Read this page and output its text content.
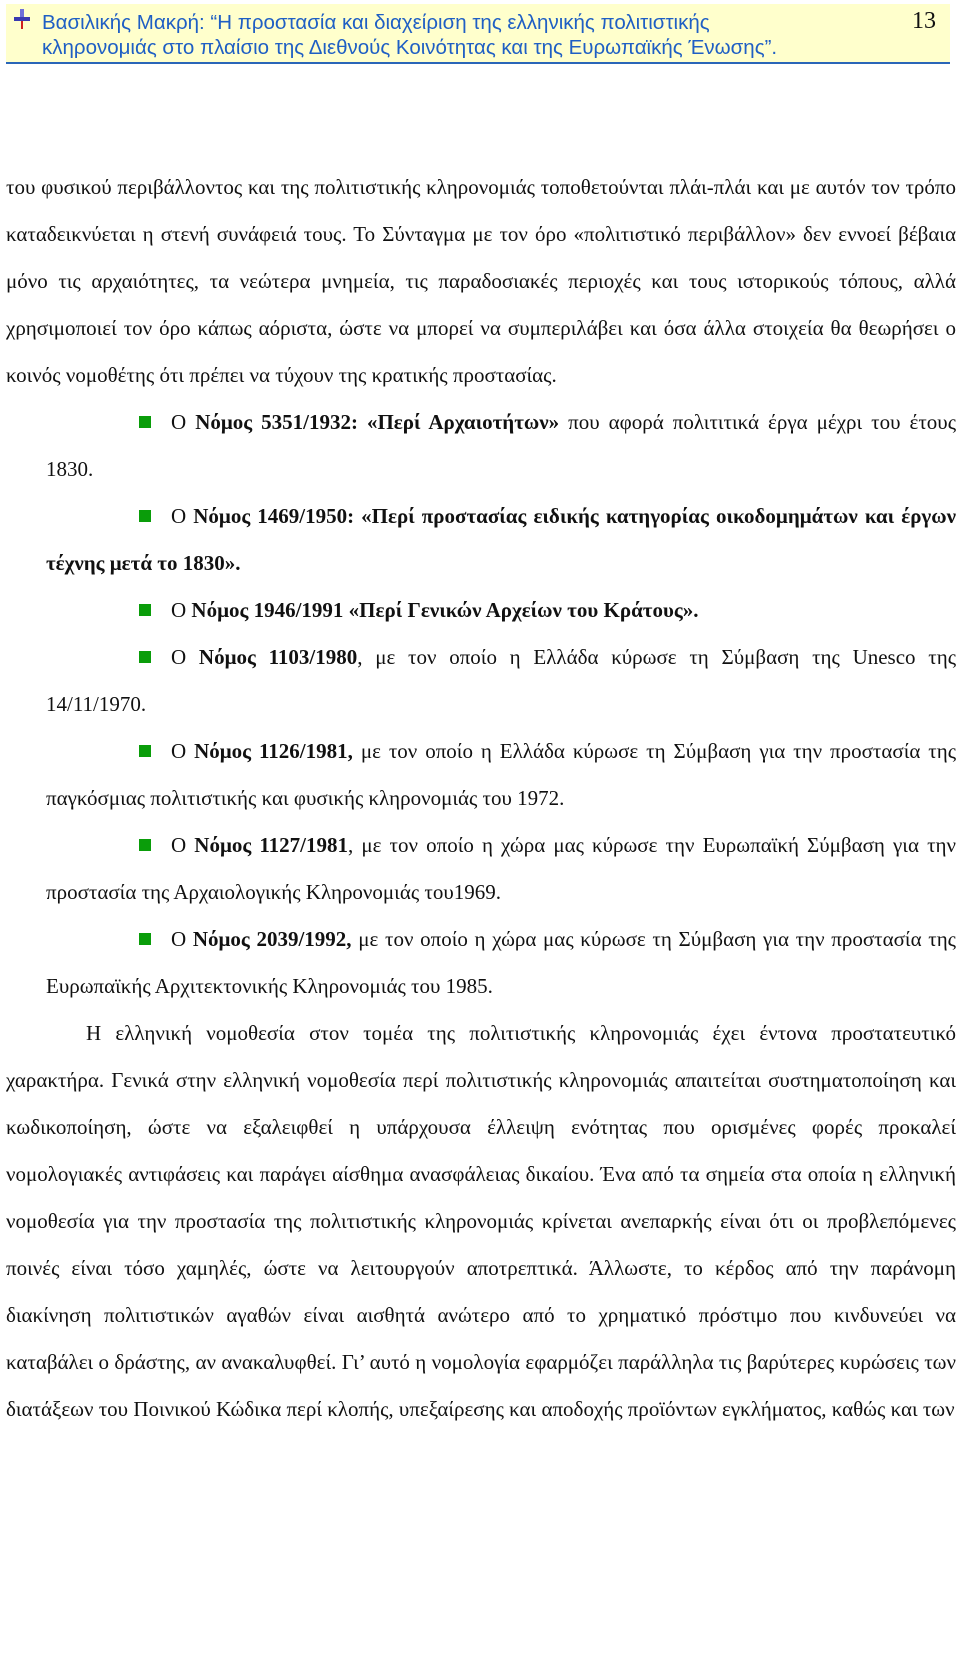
Βασιλικής Μακρή: “Η προστασία και διαχείριση της ελληνικής πολιτιστικής
κληρονομιάς στο πλαίσιο της Διεθνούς Κοινότητας και της Ευρωπαϊκής Ένωσης”.
13

του φυσικού περιβάλλοντος και της πολιτιστικής κληρονομιάς τοποθετούνται πλάι-πλάι και με αυτόν τον τρόπο καταδεικνύεται η στενή συνάφειά τους. Το Σύνταγμα με τον όρο «πολιτιστικό περιβάλλον» δεν εννοεί βέβαια μόνο τις αρχαιότητες, τα νεώτερα μνημεία, τις παραδοσιακές περιοχές και τους ιστορικούς τόπους, αλλά χρησιμοποιεί τον όρο κάπως αόριστα, ώστε να μπορεί να συμπεριλάβει και όσα άλλα στοιχεία θα θεωρήσει ο κοινός νομοθέτης ότι πρέπει να τύχουν της κρατικής προστασίας.

Ο Νόμος 5351/1932: «Περί Αρχαιοτήτων» που αφορά πολιτιτικά έργα μέχρι του έτους 1830.

Ο Νόμος 1469/1950: «Περί προστασίας ειδικής κατηγορίας οικοδομημάτων και έργων τέχνης μετά το 1830».

Ο Νόμος 1946/1991 «Περί Γενικών Αρχείων του Κράτους».

Ο Νόμος 1103/1980, με τον οποίο η Ελλάδα κύρωσε τη Σύμβαση της Unesco της 14/11/1970.

Ο Νόμος 1126/1981, με τον οποίο η Ελλάδα κύρωσε τη Σύμβαση για την προστασία της παγκόσμιας πολιτιστικής και φυσικής κληρονομιάς του 1972.

Ο Νόμος 1127/1981, με τον οποίο η χώρα μας κύρωσε την Ευρωπαϊκή Σύμβαση για την προστασία της Αρχαιολογικής Κληρονομιάς του1969.

Ο Νόμος 2039/1992, με τον οποίο η χώρα μας κύρωσε τη Σύμβαση για την προστασία της Ευρωπαϊκής Αρχιτεκτονικής Κληρονομιάς του 1985.

Η ελληνική νομοθεσία στον τομέα της πολιτιστικής κληρονομιάς έχει έντονα προστατευτικό χαρακτήρα. Γενικά στην ελληνική νομοθεσία περί πολιτιστικής κληρονομιάς απαιτείται συστηματοποίηση και κωδικοποίηση, ώστε να εξαλειφθεί η υπάρχουσα έλλειψη ενότητας που ορισμένες φορές προκαλεί νομολογιακές αντιφάσεις και παράγει αίσθημα ανασφάλειας δικαίου. Ένα από τα σημεία στα οποία η ελληνική νομοθεσία για την προστασία της πολιτιστικής κληρονομιάς κρίνεται ανεπαρκής είναι ότι οι προβλεπόμενες ποινές είναι τόσο χαμηλές, ώστε να λειτουργούν αποτρεπτικά. Άλλωστε, το κέρδος από την παράνομη διακίνηση πολιτιστικών αγαθών είναι αισθητά ανώτερο από το χρηματικό πρόστιμο που κινδυνεύει να καταβάλει ο δράστης, αν ανακαλυφθεί. Γι’ αυτό η νομολογία εφαρμόζει παράλληλα τις βαρύτερες κυρώσεις των διατάξεων του Ποινικού Κώδικα περί κλοπής, υπεξαίρεσης και αποδοχής προϊόντων εγκλήματος, καθώς και των
